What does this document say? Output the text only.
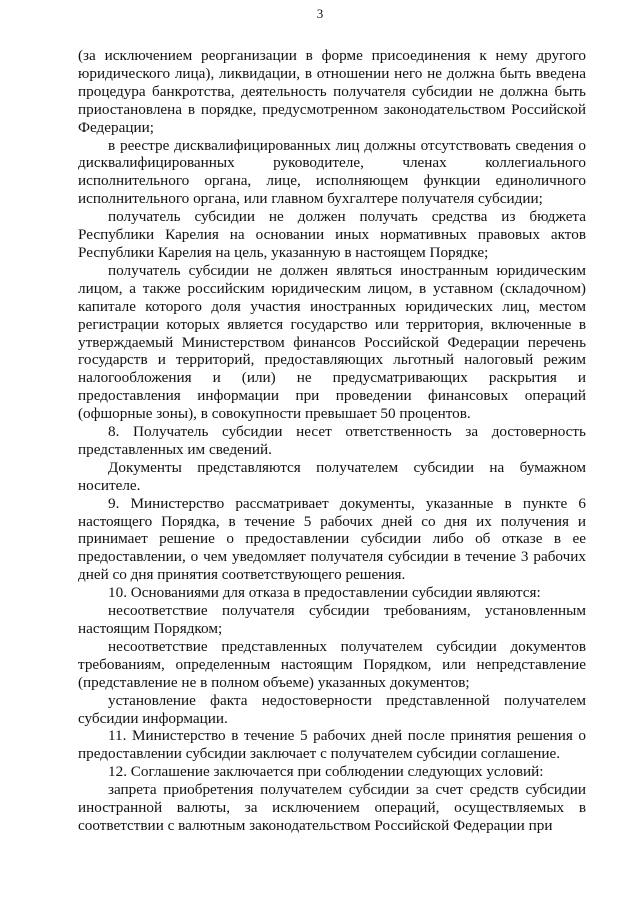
3

(за исключением реорганизации в форме присоединения к нему другого юридического лица), ликвидации, в отношении него не должна быть введена процедура банкротства, деятельность получателя субсидии не должна быть приостановлена в порядке, предусмотренном законодательством Российской Федерации;

в реестре дисквалифицированных лиц должны отсутствовать сведения о дисквалифицированных руководителе, членах коллегиального исполнительного органа, лице, исполняющем функции единоличного исполнительного органа, или главном бухгалтере получателя субсидии;

получатель субсидии не должен получать средства из бюджета Республики Карелия на основании иных нормативных правовых актов Республики Карелия на цель, указанную в настоящем Порядке;

получатель субсидии не должен являться иностранным юридическим лицом, а также российским юридическим лицом, в уставном (складочном) капитале которого доля участия иностранных юридических лиц, местом регистрации которых является государство или территория, включенные в утверждаемый Министерством финансов Российской Федерации перечень государств и территорий, предоставляющих льготный налоговый режим налогообложения и (или) не предусматривающих раскрытия и предоставления информации при проведении финансовых операций (офшорные зоны), в совокупности превышает 50 процентов.

8. Получатель субсидии несет ответственность за достоверность представленных им сведений.

Документы представляются получателем субсидии на бумажном носителе.

9. Министерство рассматривает документы, указанные в пункте 6 настоящего Порядка, в течение 5 рабочих дней со дня их получения и принимает решение о предоставлении субсидии либо об отказе в ее предоставлении, о чем уведомляет получателя субсидии в течение 3 рабочих дней со дня принятия соответствующего решения.

10. Основаниями для отказа в предоставлении субсидии являются:

несоответствие получателя субсидии требованиям, установленным настоящим Порядком;

несоответствие представленных получателем субсидии документов требованиям, определенным настоящим Порядком, или непредставление (представление не в полном объеме) указанных документов;

установление факта недостоверности представленной получателем субсидии информации.

11. Министерство в течение 5 рабочих дней после принятия решения о предоставлении субсидии заключает с получателем субсидии соглашение.

12. Соглашение заключается при соблюдении следующих условий:

запрета приобретения получателем субсидии за счет средств субсидии иностранной валюты, за исключением операций, осуществляемых в соответствии с валютным законодательством Российской Федерации при
